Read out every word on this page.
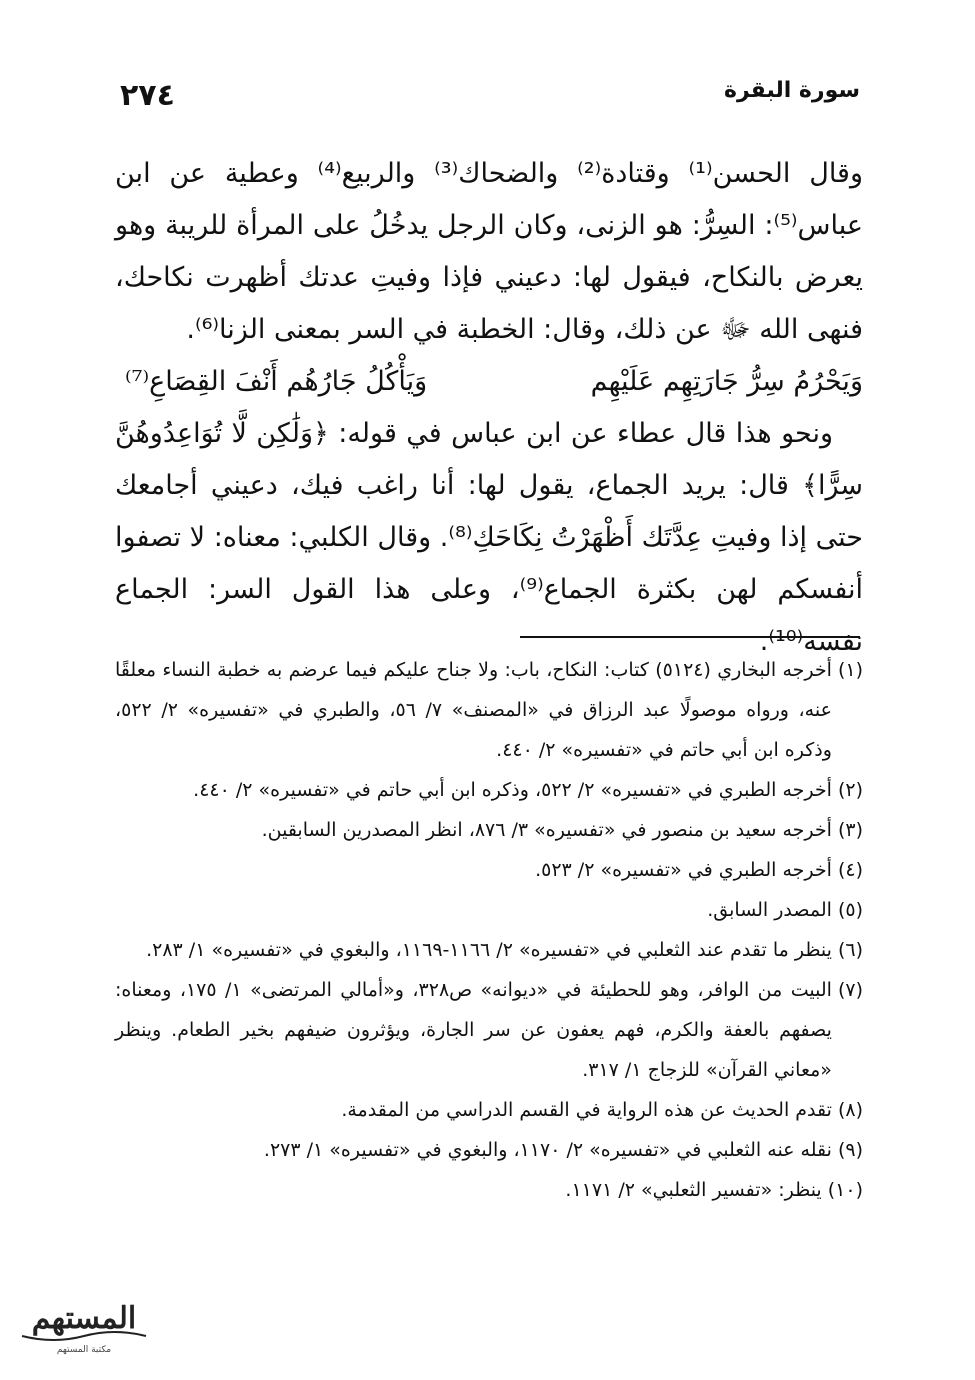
سورة البقرة
٢٧٤

وقال الحسن⁽¹⁾ وقتادة⁽²⁾ والضحاك⁽³⁾ والربيع⁽⁴⁾ وعطية عن ابن عباس⁽⁵⁾: السِرُّ: هو الزنى، وكان الرجل يدخُلُ على المرأة للريبة وهو يعرض بالنكاح، فيقول لها: دعيني فإذا وفيتِ عدتك أظهرت نكاحك، فنهى الله ﷻ عن ذلك، وقال: الخطبة في السر بمعنى الزنا⁽⁶⁾.

وَيَحْرُمُ سِرُّ جَارَتِهِم عَلَيْهِم
وَيَأْكُلُ جَارُهُم أَنْفَ القِصَاعِ⁽⁷⁾

ونحو هذا قال عطاء عن ابن عباس في قوله: ﴿وَلَٰكِن لَّا تُوَاعِدُوهُنَّ سِرًّا﴾ قال: يريد الجماع، يقول لها: أنا راغب فيك، دعيني أجامعك حتى إذا وفيتِ عِدَّتَك أَظْهَرْتُ نِكَاحَكِ⁽⁸⁾. وقال الكلبي: معناه: لا تصفوا أنفسكم لهن بكثرة الجماع⁽⁹⁾، وعلى هذا القول السر: الجماع نفسه⁽¹⁰⁾.

(١)
أخرجه البخاري (٥١٢٤) كتاب: النكاح، باب: ولا جناح عليكم فيما عرضم به خطبة النساء معلقًا عنه، ورواه موصولًا عبد الرزاق في «المصنف» ٧/ ٥٦، والطبري في «تفسيره» ٢/ ٥٢٢، وذكره ابن أبي حاتم في «تفسيره» ٢/ ٤٤٠.
(٢)
أخرجه الطبري في «تفسيره» ٢/ ٥٢٢، وذكره ابن أبي حاتم في «تفسيره» ٢/ ٤٤٠.
(٣)
أخرجه سعيد بن منصور في «تفسيره» ٣/ ٨٧٦، انظر المصدرين السابقين.
(٤)
أخرجه الطبري في «تفسيره» ٢/ ٥٢٣.
(٥)
المصدر السابق.
(٦)
ينظر ما تقدم عند الثعلبي في «تفسيره» ٢/ ١١٦٦-١١٦٩، والبغوي في «تفسيره» ١/ ٢٨٣.
(٧)
البيت من الوافر، وهو للحطيئة في «ديوانه» ص٣٢٨، و«أمالي المرتضى» ١/ ١٧٥، ومعناه: يصفهم بالعفة والكرم، فهم يعفون عن سر الجارة، ويؤثرون ضيفهم بخير الطعام. وينظر «معاني القرآن» للزجاج ١/ ٣١٧.
(٨)
تقدم الحديث عن هذه الرواية في القسم الدراسي من المقدمة.
(٩)
نقله عنه الثعلبي في «تفسيره» ٢/ ١١٧٠، والبغوي في «تفسيره» ١/ ٢٧٣.
(١٠)
ينظر: «تفسير الثعلبي» ٢/ ١١٧١.
المستهم
مكتبة المستهم
